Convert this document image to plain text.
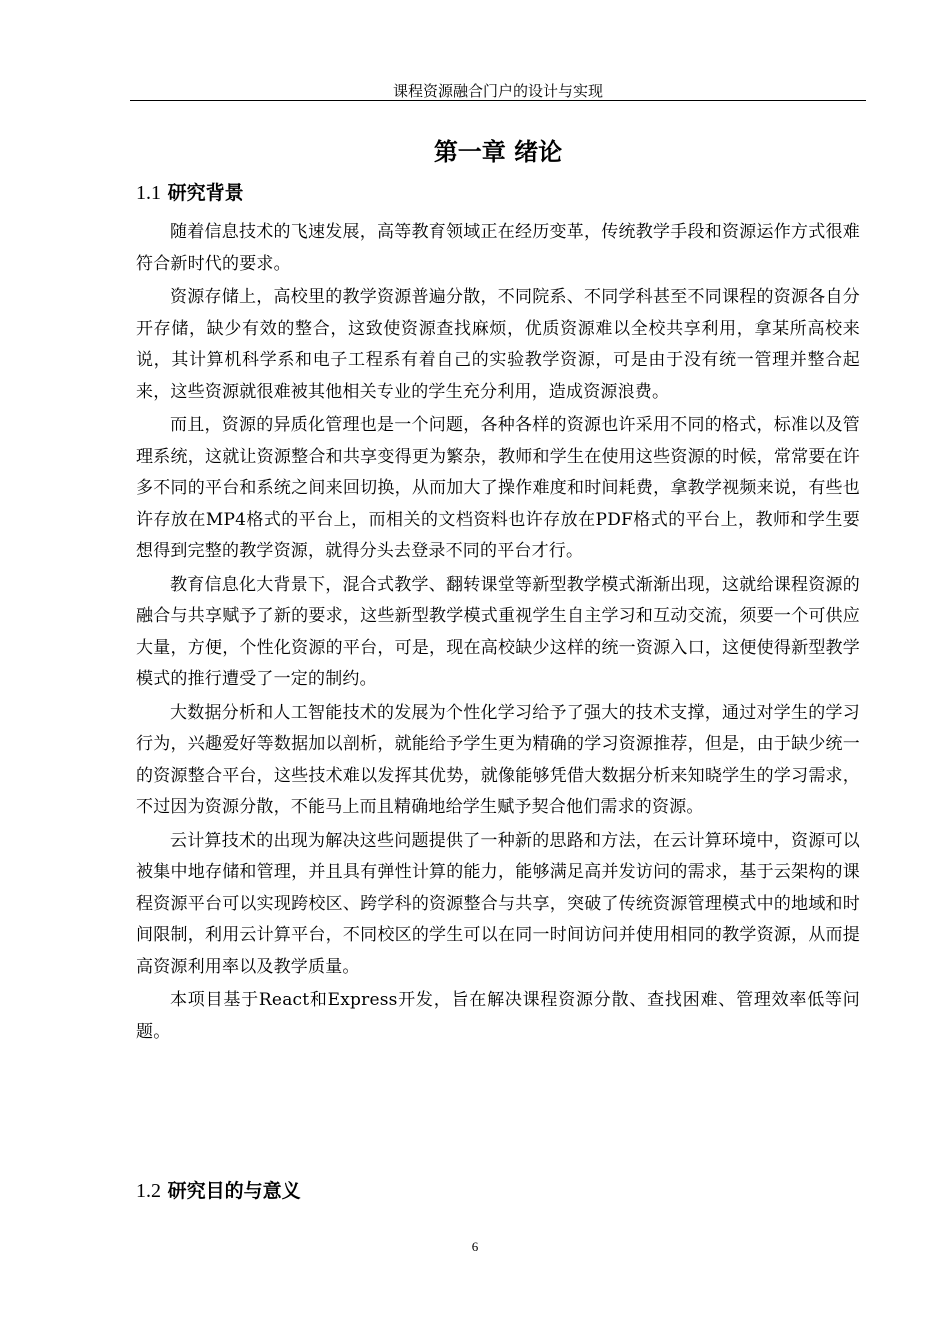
课程资源融合门户的设计与实现
第一章 绪论
1.1 研究背景

随着信息技术的飞速发展，高等教育领域正在经历变革，传统教学手段和资源运作方式很难符合新时代的要求。

资源存储上，高校里的教学资源普遍分散，不同院系、不同学科甚至不同课程的资源各自分开存储，缺少有效的整合，这致使资源查找麻烦，优质资源难以全校共享利用，拿某所高校来说，其计算机科学系和电子工程系有着自己的实验教学资源，可是由于没有统一管理并整合起来，这些资源就很难被其他相关专业的学生充分利用，造成资源浪费。

而且，资源的异质化管理也是一个问题，各种各样的资源也许采用不同的格式，标准以及管理系统，这就让资源整合和共享变得更为繁杂，教师和学生在使用这些资源的时候，常常要在许多不同的平台和系统之间来回切换，从而加大了操作难度和时间耗费，拿教学视频来说，有些也许存放在MP4格式的平台上，而相关的文档资料也许存放在PDF格式的平台上，教师和学生要想得到完整的教学资源，就得分头去登录不同的平台才行。

教育信息化大背景下，混合式教学、翻转课堂等新型教学模式渐渐出现，这就给课程资源的融合与共享赋予了新的要求，这些新型教学模式重视学生自主学习和互动交流，须要一个可供应大量，方便，个性化资源的平台，可是，现在高校缺少这样的统一资源入口，这便使得新型教学模式的推行遭受了一定的制约。

大数据分析和人工智能技术的发展为个性化学习给予了强大的技术支撑，通过对学生的学习行为，兴趣爱好等数据加以剖析，就能给予学生更为精确的学习资源推荐，但是，由于缺少统一的资源整合平台，这些技术难以发挥其优势，就像能够凭借大数据分析来知晓学生的学习需求，不过因为资源分散，不能马上而且精确地给学生赋予契合他们需求的资源。

云计算技术的出现为解决这些问题提供了一种新的思路和方法，在云计算环境中，资源可以被集中地存储和管理，并且具有弹性计算的能力，能够满足高并发访问的需求，基于云架构的课程资源平台可以实现跨校区、跨学科的资源整合与共享，突破了传统资源管理模式中的地域和时间限制，利用云计算平台，不同校区的学生可以在同一时间访问并使用相同的教学资源，从而提高资源利用率以及教学质量。

本项目基于React和Express开发，旨在解决课程资源分散、查找困难、管理效率低等问题。

1.2 研究目的与意义
6
